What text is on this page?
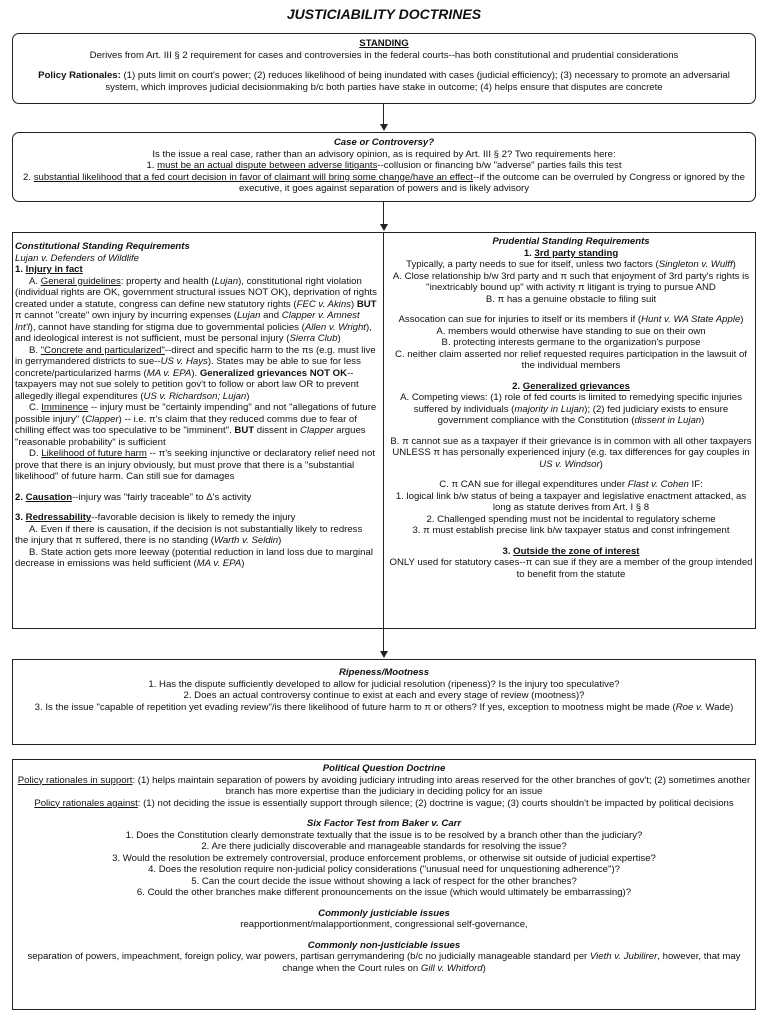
JUSTICIABILITY DOCTRINES

STANDING

Derives from Art. III § 2 requirement for cases and controversies in the federal courts--has both constitutional and prudential considerations

Policy Rationales: (1) puts limit on court's power; (2) reduces likelihood of being inundated with cases (judicial efficiency); (3) necessary to promote an adversarial system, which improves judicial decisionmaking b/c both parties have stake in outcome; (4) helps ensure that disputes are concrete

Case or Controversy?

Is the issue a real case, rather than an advisory opinion, as is required by Art. III § 2? Two requirements here:

1. must be an actual dispute between adverse litigants--collusion or financing b/w "adverse" parties fails this test

2. substantial likelihood that a fed court decision in favor of claimant will bring some change/have an effect--if the outcome can be overruled by Congress or ignored by the executive, it goes against separation of powers and is likely advisory

Constitutional Standing Requirements

Lujan v. Defenders of Wildlife

1. Injury in fact

A. General guidelines: property and health (Lujan), constitutional right violation (individual rights are OK, government structural issues NOT OK), deprivation of rights created under a statute, congress can define new statutory rights (FEC v. Akins) BUT π cannot "create" own injury by incurring expenses (Lujan and Clapper v. Amnest Int'l), cannot have standing for stigma due to governmental policies (Allen v. Wright), and ideological interest is not sufficient, must be personal injury (Sierra Club)

B. "Concrete and particularized"--direct and specific harm to the πs (e.g. must live in gerrymandered districts to sue--US v. Hays). States may be able to sue for less concrete/particularized harms (MA v. EPA). Generalized grievances NOT OK--taxpayers may not sue solely to petition gov't to follow or abort law OR to prevent allegedly illegal expenditures (US v. Richardson; Lujan)

C. Imminence -- injury must be "certainly impending" and not "allegations of future possible injury" (Clapper) -- i.e. π's claim that they reduced comms due to fear of chilling effect was too speculative to be "imminent". BUT dissent in Clapper argues "reasonable probability" is sufficient

D. Likelihood of future harm -- π's seeking injunctive or declaratory relief need not prove that there is an injury obviously, but must prove that there is a "substantial likelihood" of future harm. Can still sue for damages

2. Causation--injury was "fairly traceable" to Δ's activity

3. Redressability--favorable decision is likely to remedy the injury

A. Even if there is causation, if the decision is not substantially likely to redress the injury that π suffered, there is no standing (Warth v. Seldin)

B. State action gets more leeway (potential reduction in land loss due to marginal decrease in emissions was held sufficient (MA v. EPA)

Prudential Standing Requirements

1. 3rd party standing

Typically, a party needs to sue for itself, unless two factors (Singleton v. Wulff)

A. Close relationship b/w 3rd party and π such that enjoyment of 3rd party's rights is "inextricably bound up" with activity π litigant is trying to pursue AND

B. π has a genuine obstacle to filing suit

Assocation can sue for injuries to itself or its members if (Hunt v. WA State Apple)

A. members would otherwise have standing to sue on their own

B. protecting interests germane to the organization's purpose

C. neither claim asserted nor relief requested requires participation in the lawsuit of the individual members

2. Generalized grievances

A. Competing views: (1) role of fed courts is limited to remedying specific injuries suffered by individuals (majority in Lujan); (2) fed judiciary exists to ensure government compliance with the Constitution (dissent in Lujan)

B. π cannot sue as a taxpayer if their grievance is in common with all other taxpayers UNLESS π has personally experienced injury (e.g. tax differences for gay couples in US v. Windsor)

C. π CAN sue for illegal expenditures under Flast v. Cohen IF:

1. logical link b/w status of being a taxpayer and legislative enactment attacked, as long as statute derives from Art. I § 8

2. Challenged spending must not be incidental to regulatory scheme

3. π must establish precise link b/w taxpayer status and const infringement

3. Outside the zone of interest

ONLY used for statutory cases--π can sue if they are a member of the group intended to benefit from the statute

Ripeness/Mootness

1. Has the dispute sufficiently developed to allow for judicial resolution (ripeness)? Is the injury too speculative?

2. Does an actual controversy continue to exist at each and every stage of review (mootness)?

3. Is the issue "capable of repetition yet evading review"/is there likelihood of future harm to π or others? If yes, exception to mootness might be made (Roe v. Wade)

Political Question Doctrine

Policy rationales in support: (1) helps maintain separation of powers by avoiding judiciary intruding into areas reserved for the other branches of gov't; (2) sometimes another branch has more expertise than the judiciary in deciding policy for an issue

Policy rationales against: (1) not deciding the issue is essentially support through silence; (2) doctrine is vague; (3) courts shouldn't be impacted by political decisions

Six Factor Test from Baker v. Carr

1. Does the Constitution clearly demonstrate textually that the issue is to be resolved by a branch other than the judiciary?

2. Are there judicially discoverable and manageable standards for resolving the issue?

3. Would the resolution be extremely controversial, produce enforcement problems, or otherwise sit outside of judicial expertise?

4. Does the resolution require non-judicial policy considerations ("unusual need for unquestioning adherence")?

5. Can the court decide the issue without showing a lack of respect for the other branches?

6. Could the other branches make different pronouncements on the issue (which would ultimately be embarrassing)?

Commonly justiciable issues

reapportionment/malapportionment, congressional self-governance,

Commonly non-justiciable issues

separation of powers, impeachment, foreign policy, war powers, partisan gerrymandering (b/c no judicially manageable standard per Vieth v. Jubilirer, however, that may change when the Court rules on Gill v. Whitford)
